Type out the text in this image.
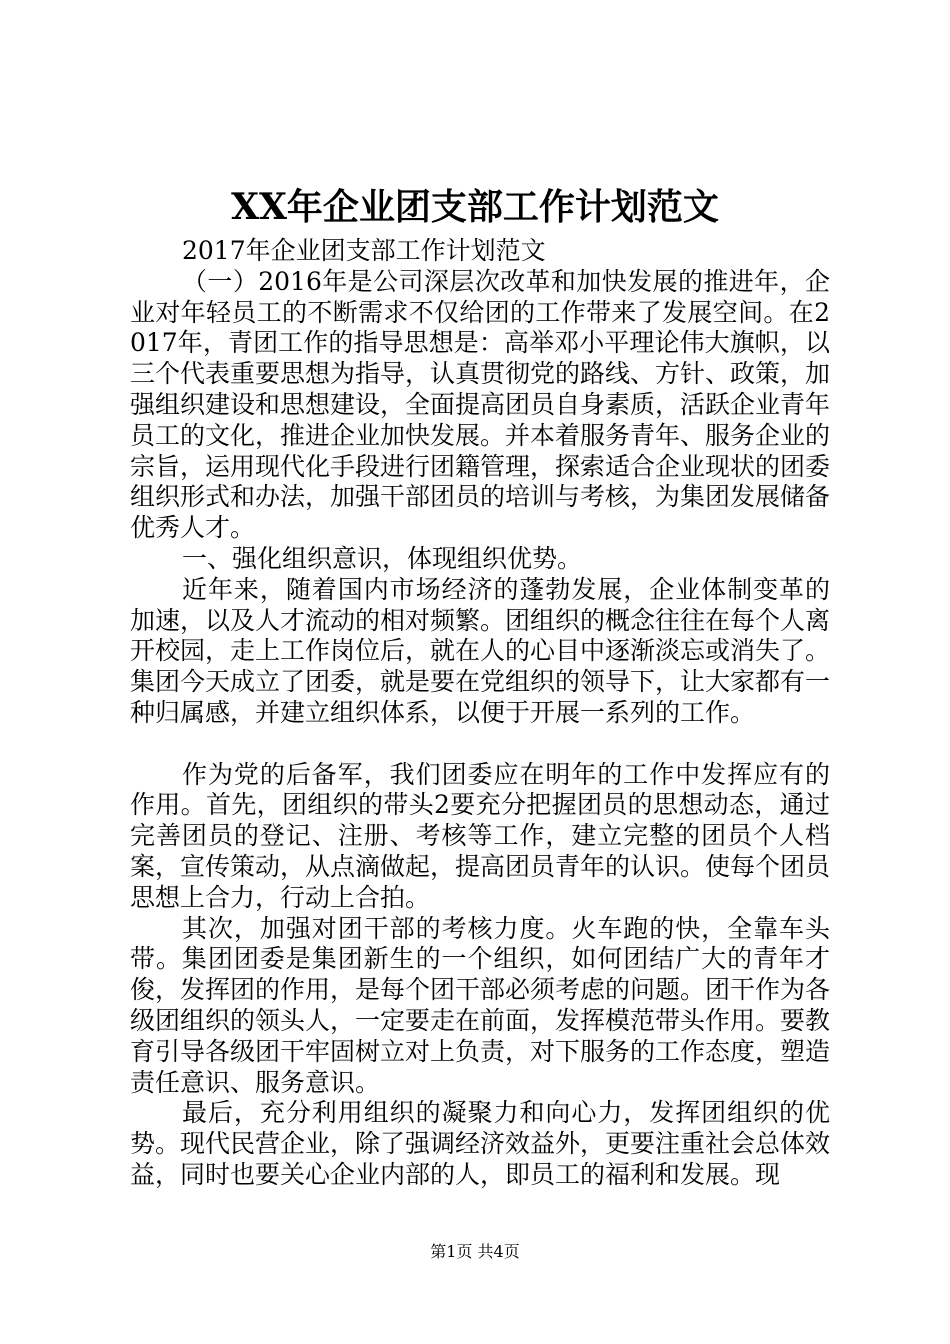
XX年企业团支部工作计划范文

2017年企业团支部工作计划范文

（一）2016年是公司深层次改革和加快发展的推进年，企业对年轻员工的不断需求不仅给团的工作带来了发展空间。在2017年，青团工作的指导思想是：高举邓小平理论伟大旗帜，以三个代表重要思想为指导，认真贯彻党的路线、方针、政策，加强组织建设和思想建设，全面提高团员自身素质，活跃企业青年员工的文化，推进企业加快发展。并本着服务青年、服务企业的宗旨，运用现代化手段进行团籍管理，探索适合企业现状的团委组织形式和办法，加强干部团员的培训与考核，为集团发展储备优秀人才。

一、强化组织意识，体现组织优势。

近年来，随着国内市场经济的蓬勃发展，企业体制变革的加速，以及人才流动的相对频繁。团组织的概念往往在每个人离开校园，走上工作岗位后，就在人的心目中逐渐淡忘或消失了。集团今天成立了团委，就是要在党组织的领导下，让大家都有一种归属感，并建立组织体系，以便于开展一系列的工作。

作为党的后备军，我们团委应在明年的工作中发挥应有的作用。首先，团组织的带头2要充分把握团员的思想动态，通过完善团员的登记、注册、考核等工作，建立完整的团员个人档案，宣传策动，从点滴做起，提高团员青年的认识。使每个团员思想上合力，行动上合拍。

其次，加强对团干部的考核力度。火车跑的快，全靠车头带。集团团委是集团新生的一个组织，如何团结广大的青年才俊，发挥团的作用，是每个团干部必须考虑的问题。团干作为各级团组织的领头人，一定要走在前面，发挥模范带头作用。要教育引导各级团干牢固树立对上负责，对下服务的工作态度，塑造责任意识、服务意识。

最后，充分利用组织的凝聚力和向心力，发挥团组织的优势。现代民营企业，除了强调经济效益外，更要注重社会总体效益，同时也要关心企业内部的人，即员工的福利和发展。现

第1页 共4页
